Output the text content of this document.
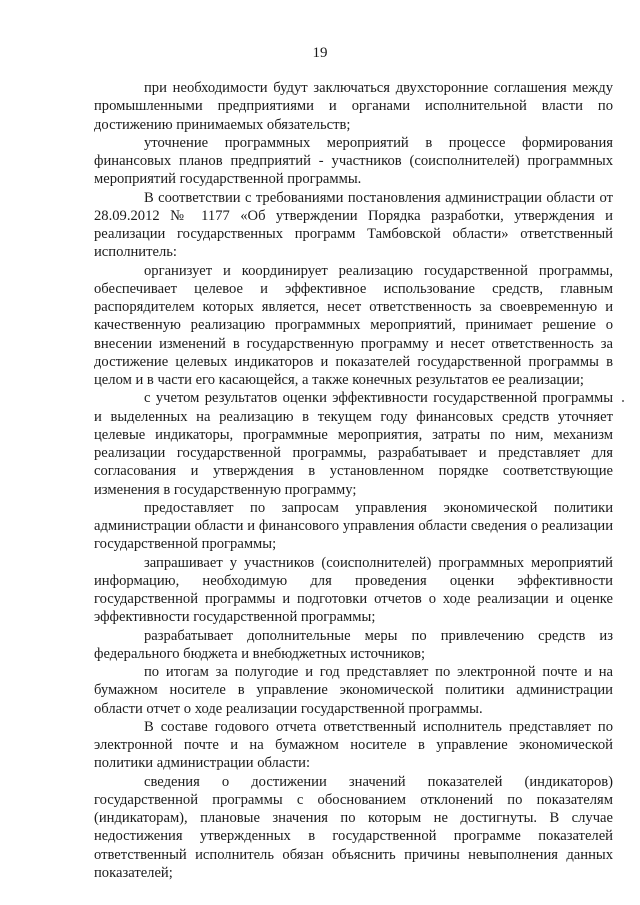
19

при необходимости будут заключаться двухсторонние соглашения между промышленными предприятиями и органами исполнительной власти по достижению принимаемых обязательств;

уточнение программных мероприятий в процессе формирования финансовых планов предприятий - участников (соисполнителей) программных мероприятий государственной программы.

В соответствии с требованиями постановления администрации области от 28.09.2012 № 1177 «Об утверждении Порядка разработки, утверждения и реализации государственных программ Тамбовской области» ответственный исполнитель:

организует и координирует реализацию государственной программы, обеспечивает целевое и эффективное использование средств, главным распорядителем которых является, несет ответственность за своевременную и качественную реализацию программных мероприятий, принимает решение о внесении изменений в государственную программу и несет ответственность за достижение целевых индикаторов и показателей государственной программы в целом и в части его касающейся, а также конечных результатов ее реализации;

с учетом результатов оценки эффективности государственной программы и выделенных на реализацию в текущем году финансовых средств уточняет целевые индикаторы, программные мероприятия, затраты по ним, механизм реализации государственной программы, разрабатывает и представляет для согласования и утверждения в установленном порядке соответствующие изменения в государственную программу;

предоставляет по запросам управления экономической политики администрации области и финансового управления области сведения о реализации государственной программы;

запрашивает у участников (соисполнителей) программных мероприятий информацию, необходимую для проведения оценки эффективности государственной программы и подготовки отчетов о ходе реализации и оценке эффективности государственной программы;

разрабатывает дополнительные меры по привлечению средств из федерального бюджета и внебюджетных источников;

по итогам за полугодие и год представляет по электронной почте и на бумажном носителе в управление экономической политики администрации области отчет о ходе реализации государственной программы.

В составе годового отчета ответственный исполнитель представляет по электронной почте и на бумажном носителе в управление экономической политики администрации области:

сведения о достижении значений показателей (индикаторов) государственной программы с обоснованием отклонений по показателям (индикаторам), плановые значения по которым не достигнуты. В случае недостижения утвержденных в государственной программе показателей ответственный исполнитель обязан объяснить причины невыполнения данных показателей;
